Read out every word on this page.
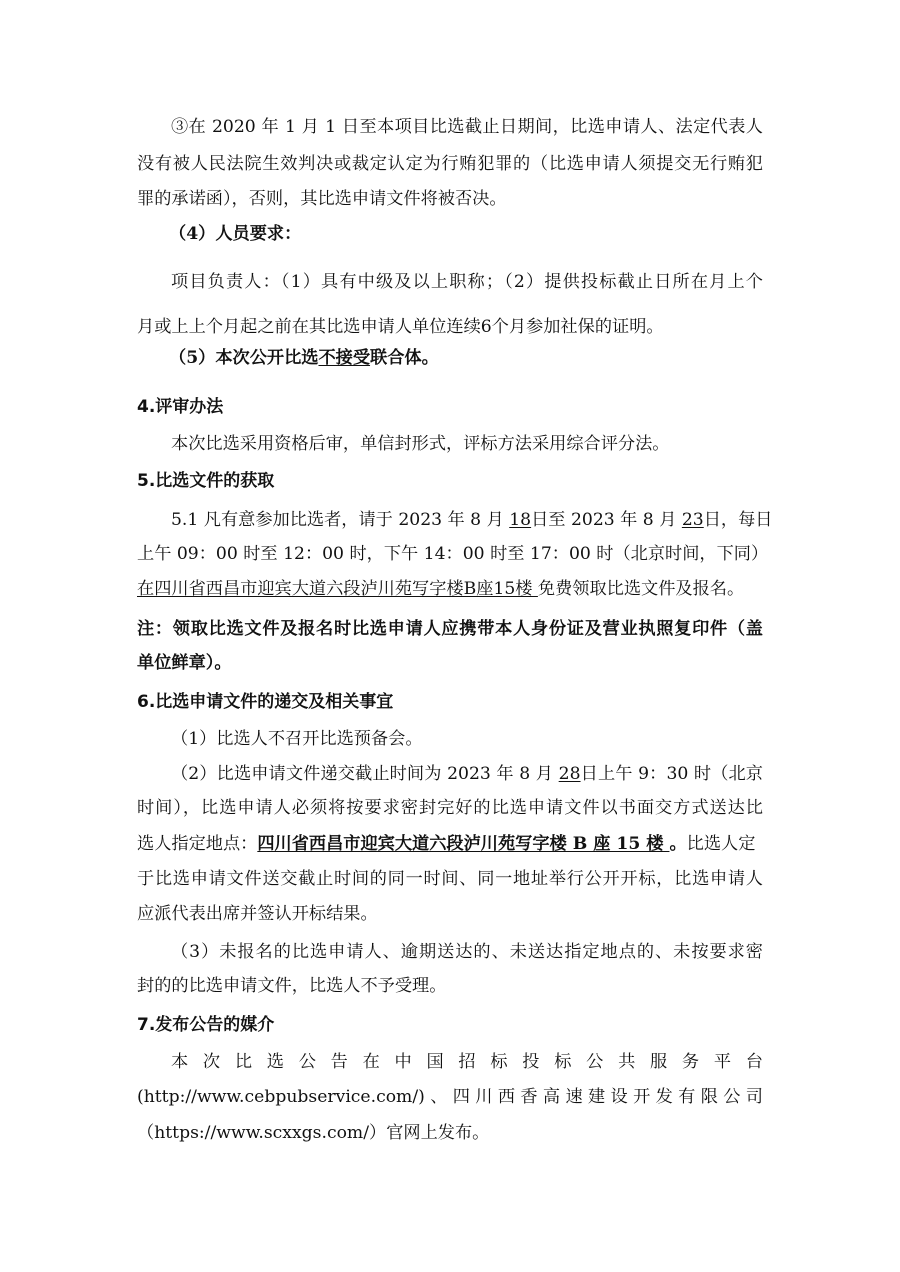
③在 2020 年 1 月 1 日至本项目比选截止日期间，比选申请人、法定代表人
没有被人民法院生效判决或裁定认定为行贿犯罪的（比选申请人须提交无行贿犯
罪的承诺函），否则，其比选申请文件将被否决。
（4）人员要求：
项目负责人：（1）具有中级及以上职称；（2）提供投标截止日所在月上个
月或上上个月起之前在其比选申请人单位连续6个月参加社保的证明。
（5）本次公开比选不接受联合体。
4.评审办法
本次比选采用资格后审，单信封形式，评标方法采用综合评分法。
5.比选文件的获取
5.1 凡有意参加比选者，请于 2023 年 8 月 18日至 2023 年 8 月 23日，每日
上午 09：00 时至 12：00 时，下午 14：00 时至 17：00 时（北京时间，下同）
在四川省西昌市迎宾大道六段泸川苑写字楼B座15楼 免费领取比选文件及报名。
注：领取比选文件及报名时比选申请人应携带本人身份证及营业执照复印件（盖
单位鲜章）。
6.比选申请文件的递交及相关事宜
（1）比选人不召开比选预备会。
（2）比选申请文件递交截止时间为 2023 年 8 月 28日上午 9：30 时（北京
时间），比选申请人必须将按要求密封完好的比选申请文件以书面交方式送达比
选人指定地点：四川省西昌市迎宾大道六段泸川苑写字楼 B 座 15 楼 。比选人定
于比选申请文件送交截止时间的同一时间、同一地址举行公开开标，比选申请人
应派代表出席并签认开标结果。
（3）未报名的比选申请人、逾期送达的、未送达指定地点的、未按要求密
封的的比选申请文件，比选人不予受理。
7.发布公告的媒介
本次比选公告在中国招标投标公共服务平台
(http://www.cebpubservice.com/)、四川西香高速建设开发有限公司
（https://www.scxxgs.com/）官网上发布。
